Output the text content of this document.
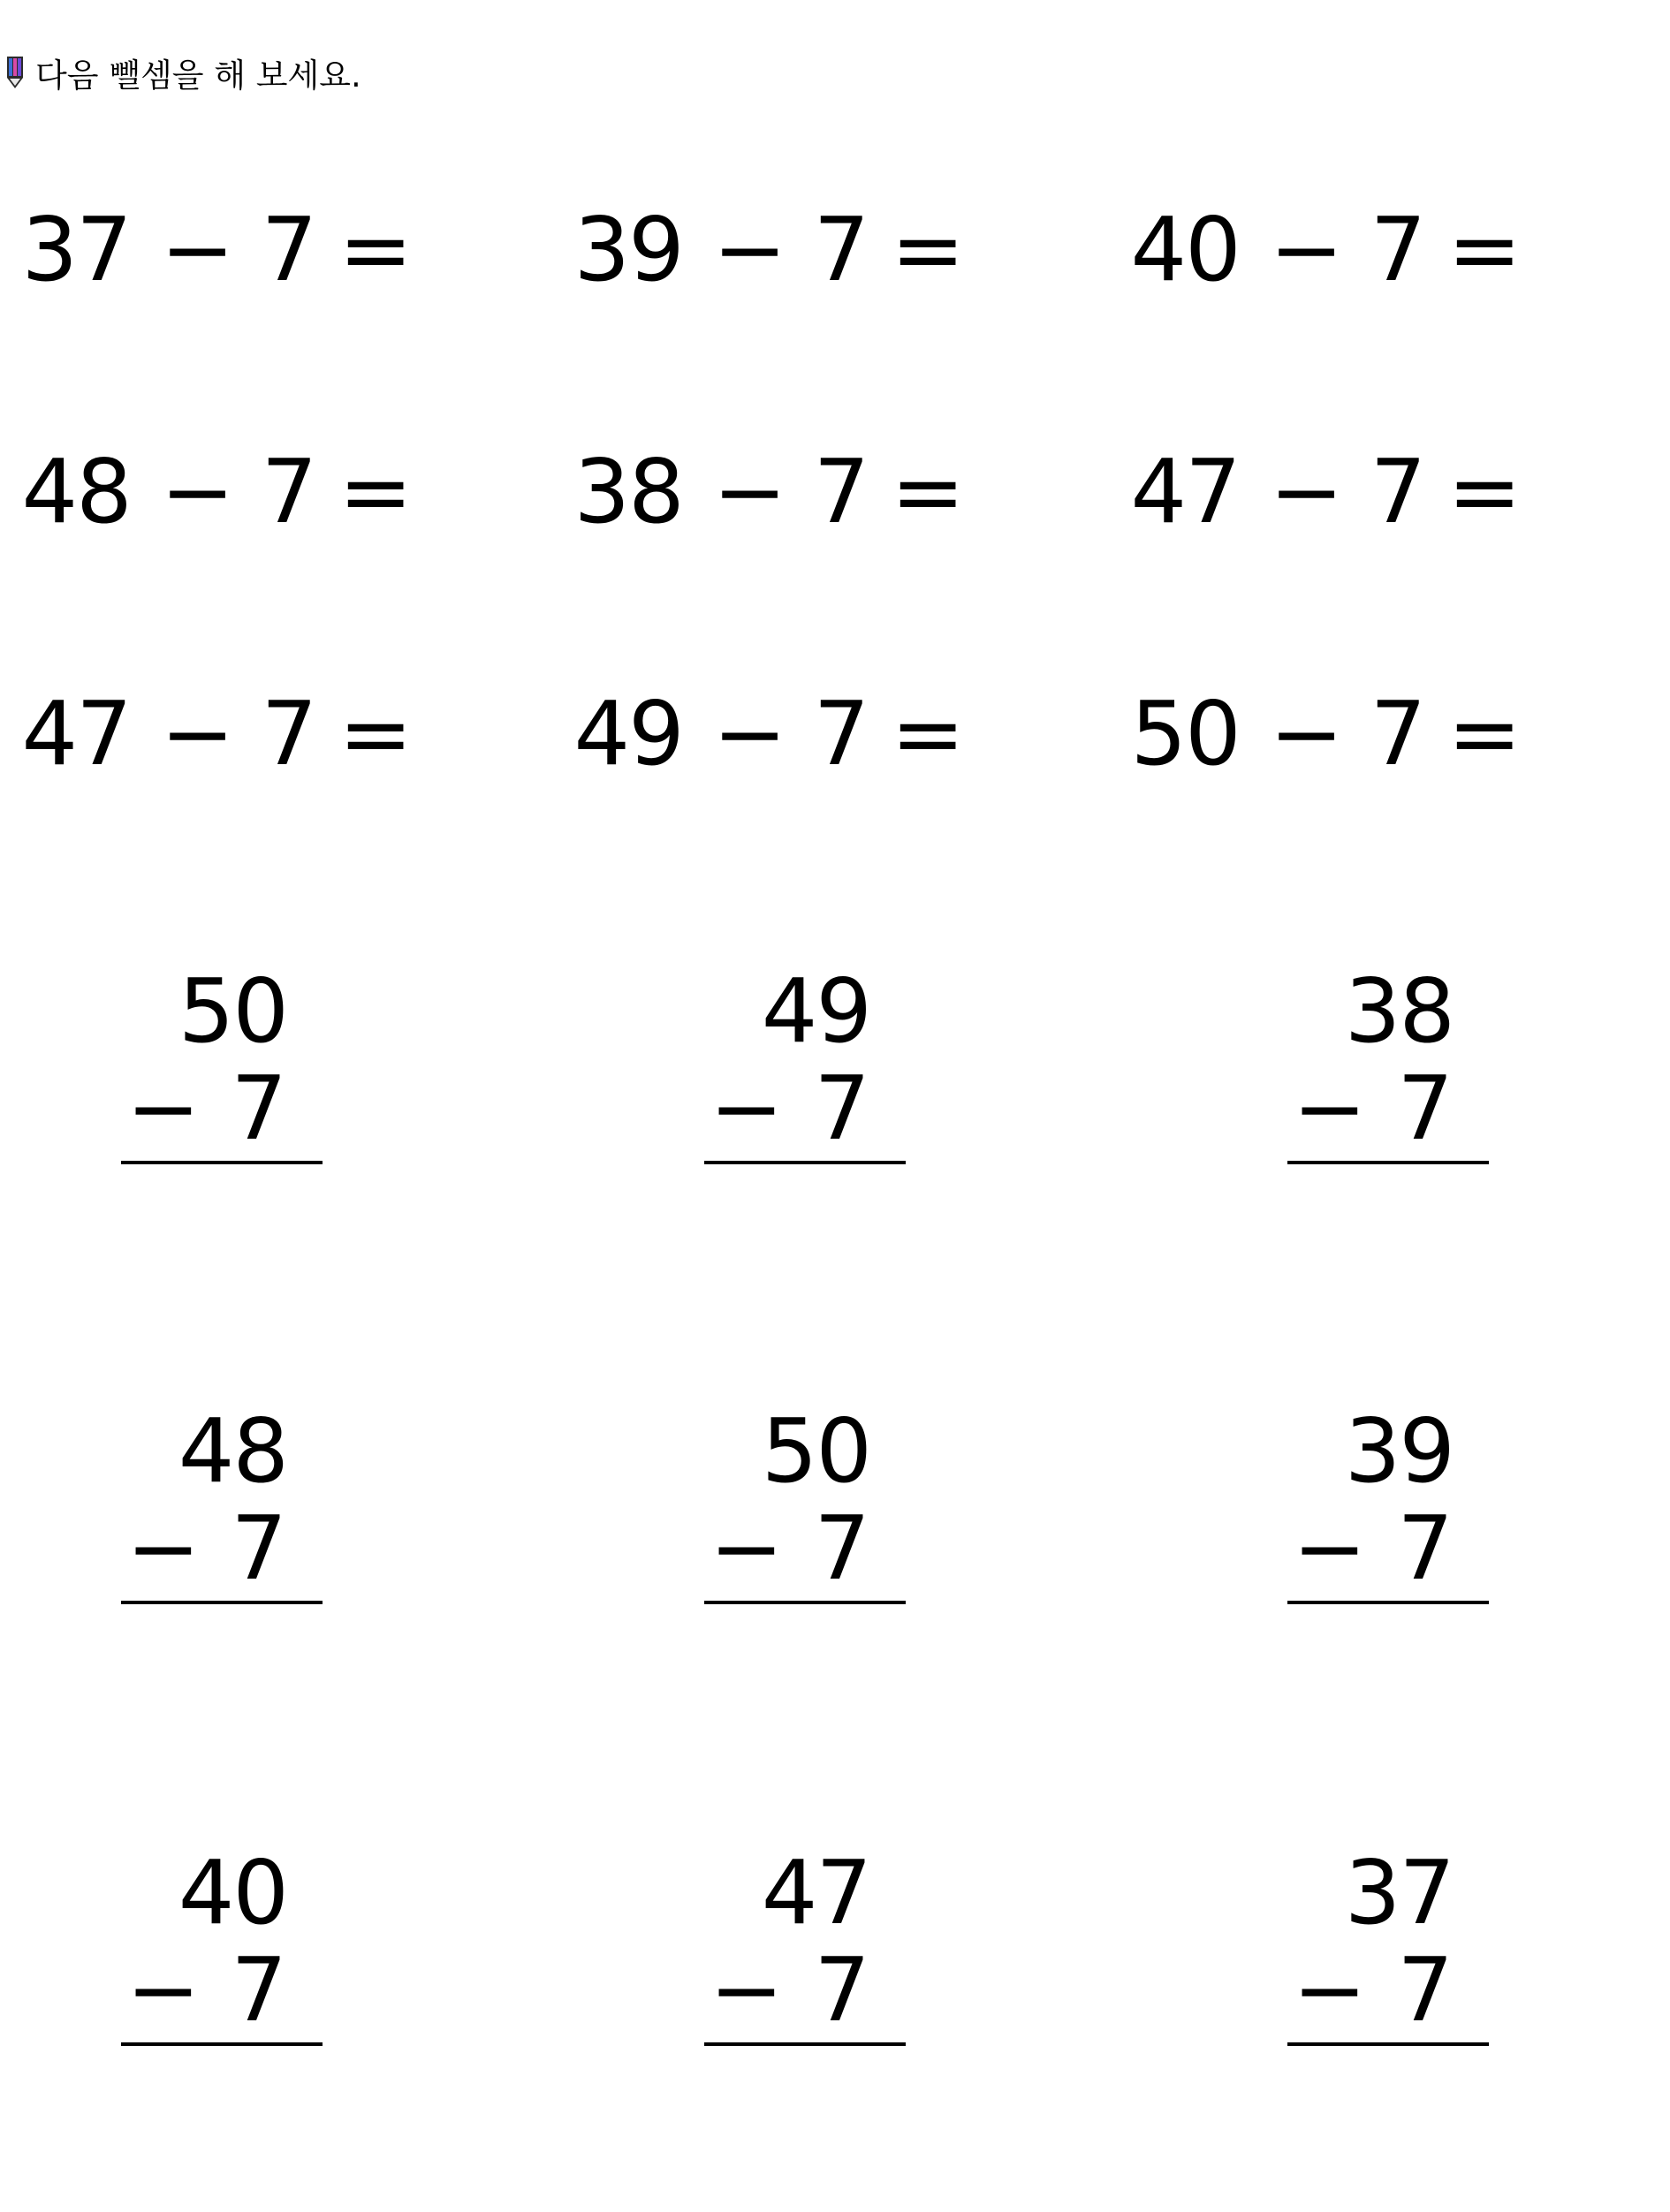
다음 뺄셈을 해 보세요.
37 − 7 = 39 − 7 = 40 − 7 =
48 − 7 = 38 − 7 = 47 − 7 =
47 − 7 = 49 − 7 = 50 − 7 =
50
− 7
49
− 7
38
− 7
48
− 7
50
− 7
39
− 7
40
− 7
47
− 7
37
− 7
